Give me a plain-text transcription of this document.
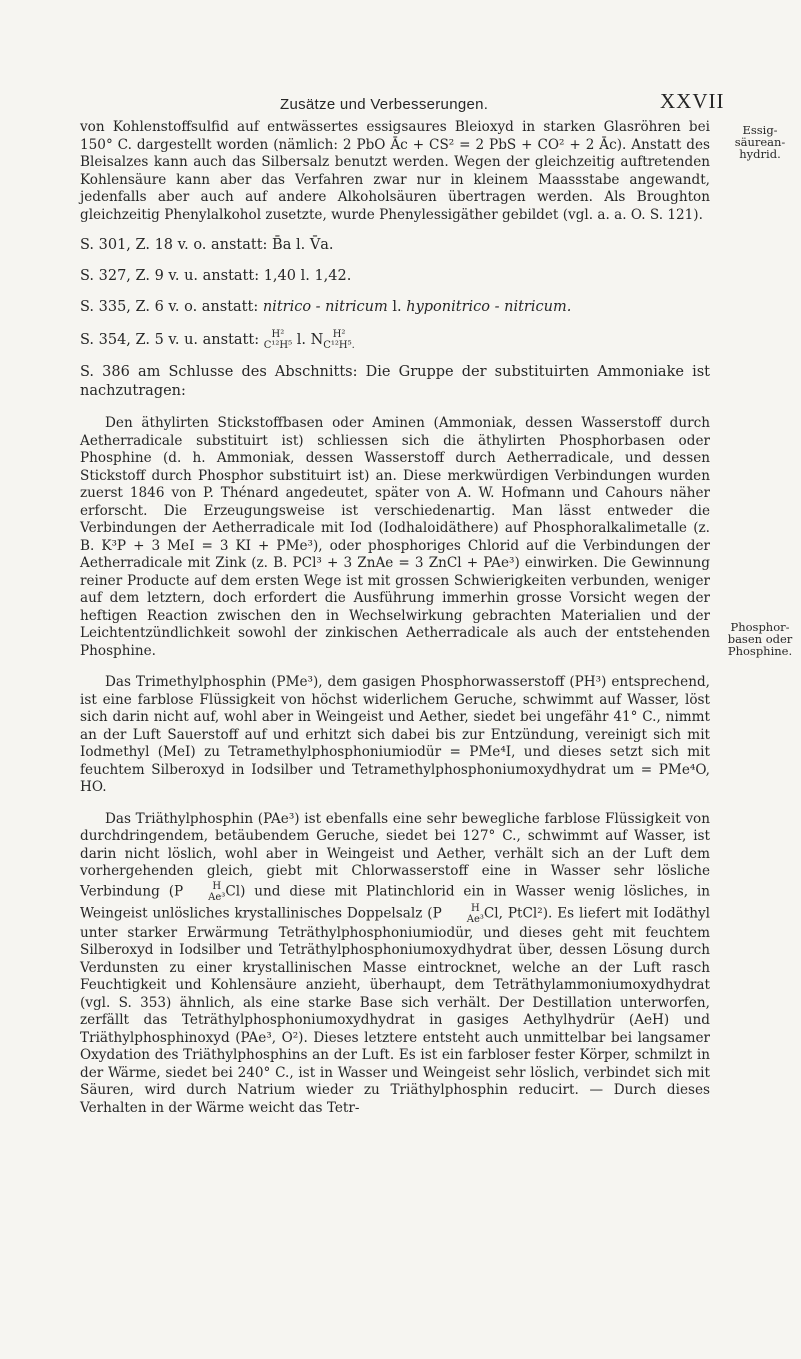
Zusätze und Verbesserungen.	XXVII
Essig-säurean-hydrid.
Phosphor-basen oder Phosphine.

von Kohlenstoffsulfid auf entwässertes essigsaures Bleioxyd in starken Glasröhren bei 150° C. dargestellt worden (nämlich: 2 PbO Āc + CS² = 2 PbS + CO² + 2 Āc). Anstatt des Bleisalzes kann auch das Silbersalz benutzt werden. Wegen der gleichzeitig auftretenden Kohlensäure kann aber das Verfahren zwar nur in kleinem Maassstabe angewandt, jedenfalls aber auch auf andere Alkoholsäuren übertragen werden. Als Broughton gleichzeitig Phenylalkohol zusetzte, wurde Phenylessigäther gebildet (vgl. a. a. O. S. 121).

S. 301, Z. 18 v. o. anstatt: B̄a l. V̄a.

S. 327, Z. 9 v. u. anstatt: 1,40 l. 1,42.

S. 335, Z. 6 v. o. anstatt: nitrico - nitricum l. hyponitrico - nitricum.

S. 354, Z. 5 v. u. anstatt:	H²
C¹²H⁵ l. N H²
C¹²H⁵.

S. 386 am Schlusse des Abschnitts: Die Gruppe der substituirten Ammoniake ist nachzutragen:

Den äthylirten Stickstoffbasen oder Aminen (Ammoniak, dessen Wasserstoff durch Aetherradicale substituirt ist) schliessen sich die äthylirten Phosphorbasen oder Phosphine (d. h. Ammoniak, dessen Wasserstoff durch Aetherradicale, und dessen Stickstoff durch Phosphor substituirt ist) an. Diese merkwürdigen Verbindungen wurden zuerst 1846 von P. Thénard angedeutet, später von A. W. Hofmann und Cahours näher erforscht. Die Erzeugungsweise ist verschiedenartig. Man lässt entweder die Verbindungen der Aetherradicale mit Iod (Iodhaloidäthere) auf Phosphoralkalimetalle (z. B. K³P + 3 MeI = 3 KI + PMe³), oder phosphoriges Chlorid auf die Verbindungen der Aetherradicale mit Zink (z. B. PCl³ + 3 ZnAe = 3 ZnCl + PAe³) einwirken. Die Gewinnung reiner Producte auf dem ersten Wege ist mit grossen Schwierigkeiten verbunden, weniger auf dem letztern, doch erfordert die Ausführung immerhin grosse Vorsicht wegen der heftigen Reaction zwischen den in Wechselwirkung gebrachten Materialien und der Leichtentzündlichkeit sowohl der zinkischen Aetherradicale als auch der entstehenden Phosphine.

Das Trimethylphosphin (PMe³), dem gasigen Phosphorwasserstoff (PH³) entsprechend, ist eine farblose Flüssigkeit von höchst widerlichem Geruche, schwimmt auf Wasser, löst sich darin nicht auf, wohl aber in Weingeist und Aether, siedet bei ungefähr 41° C., nimmt an der Luft Sauerstoff auf und erhitzt sich dabei bis zur Entzündung, vereinigt sich mit Iodmethyl (MeI) zu Tetramethylphosphoniumiodür = PMe⁴I, und dieses setzt sich mit feuchtem Silberoxyd in Iodsilber und Tetramethylphosphoniumoxydhydrat um = PMe⁴O, HO.

Das Triäthylphosphin (PAe³) ist ebenfalls eine sehr bewegliche farblose Flüssigkeit von durchdringendem, betäubendem Geruche, siedet bei 127° C., schwimmt auf Wasser, ist darin nicht löslich, wohl aber in Weingeist und Aether, verhält sich an der Luft dem vorhergehenden gleich, giebt mit Chlorwasserstoff eine in Wasser sehr lösliche Verbindung (P	H
Ae³ Cl) und diese mit Platinchlorid ein in Wasser wenig lösliches, in Weingeist unlösliches krystallinisches Doppelsalz (P	H
Ae³ Cl, PtCl²). Es liefert mit Iodäthyl unter starker Erwärmung Teträthylphosphoniumiodür, und dieses geht mit feuchtem Silberoxyd in Iodsilber und Teträthylphosphoniumoxydhydrat über, dessen Lösung durch Verdunsten zu einer krystallinischen Masse eintrocknet, welche an der Luft rasch Feuchtigkeit und Kohlensäure anzieht, überhaupt, dem Teträthylammoniumoxydhydrat (vgl. S. 353) ähnlich, als eine starke Base sich verhält. Der Destillation unterworfen, zerfällt das Teträthylphosphoniumoxydhydrat in gasiges Aethylhydrür (AeH) und Triäthylphosphinoxyd (PAe³, O²). Dieses letztere entsteht auch unmittelbar bei langsamer Oxydation des Triäthylphosphins an der Luft. Es ist ein farbloser fester Körper, schmilzt in der Wärme, siedet bei 240° C., ist in Wasser und Weingeist sehr löslich, verbindet sich mit Säuren, wird durch Natrium wieder zu Triäthylphosphin reducirt. — Durch dieses Verhalten in der Wärme weicht das Tetr-
